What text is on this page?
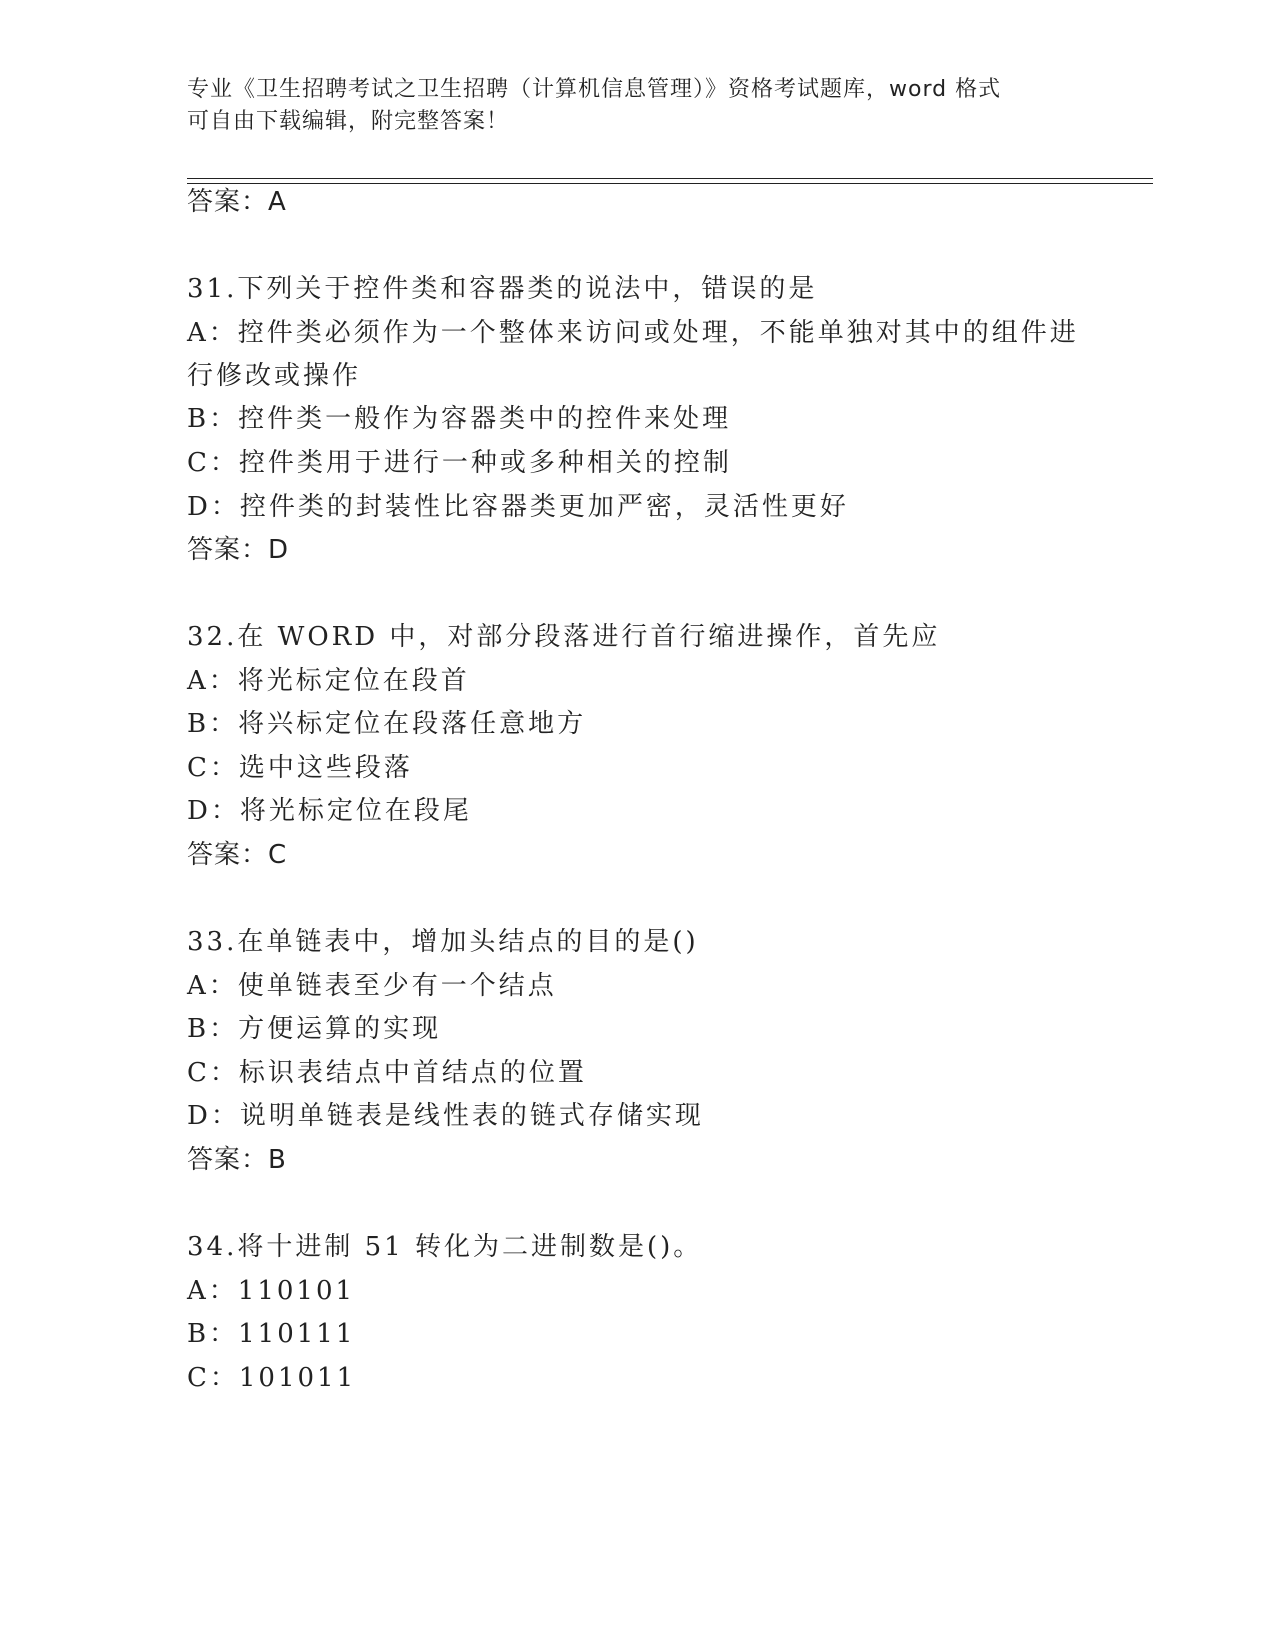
专业《卫生招聘考试之卫生招聘（计算机信息管理）》资格考试题库，word 格式
可自由下载编辑，附完整答案！
答案：A
31.下列关于控件类和容器类的说法中，错误的是
A：控件类必须作为一个整体来访问或处理，不能单独对其中的组件进
行修改或操作
B：控件类一般作为容器类中的控件来处理
C：控件类用于进行一种或多种相关的控制
D：控件类的封装性比容器类更加严密，灵活性更好
答案：D
32.在 WORD 中，对部分段落进行首行缩进操作，首先应
A：将光标定位在段首
B：将兴标定位在段落任意地方
C：选中这些段落
D：将光标定位在段尾
答案：C
33.在单链表中，增加头结点的目的是()
A：使单链表至少有一个结点
B：方便运算的实现
C：标识表结点中首结点的位置
D：说明单链表是线性表的链式存储实现
答案：B
34.将十进制 51 转化为二进制数是()。
A：110101
B：110111
C：101011
